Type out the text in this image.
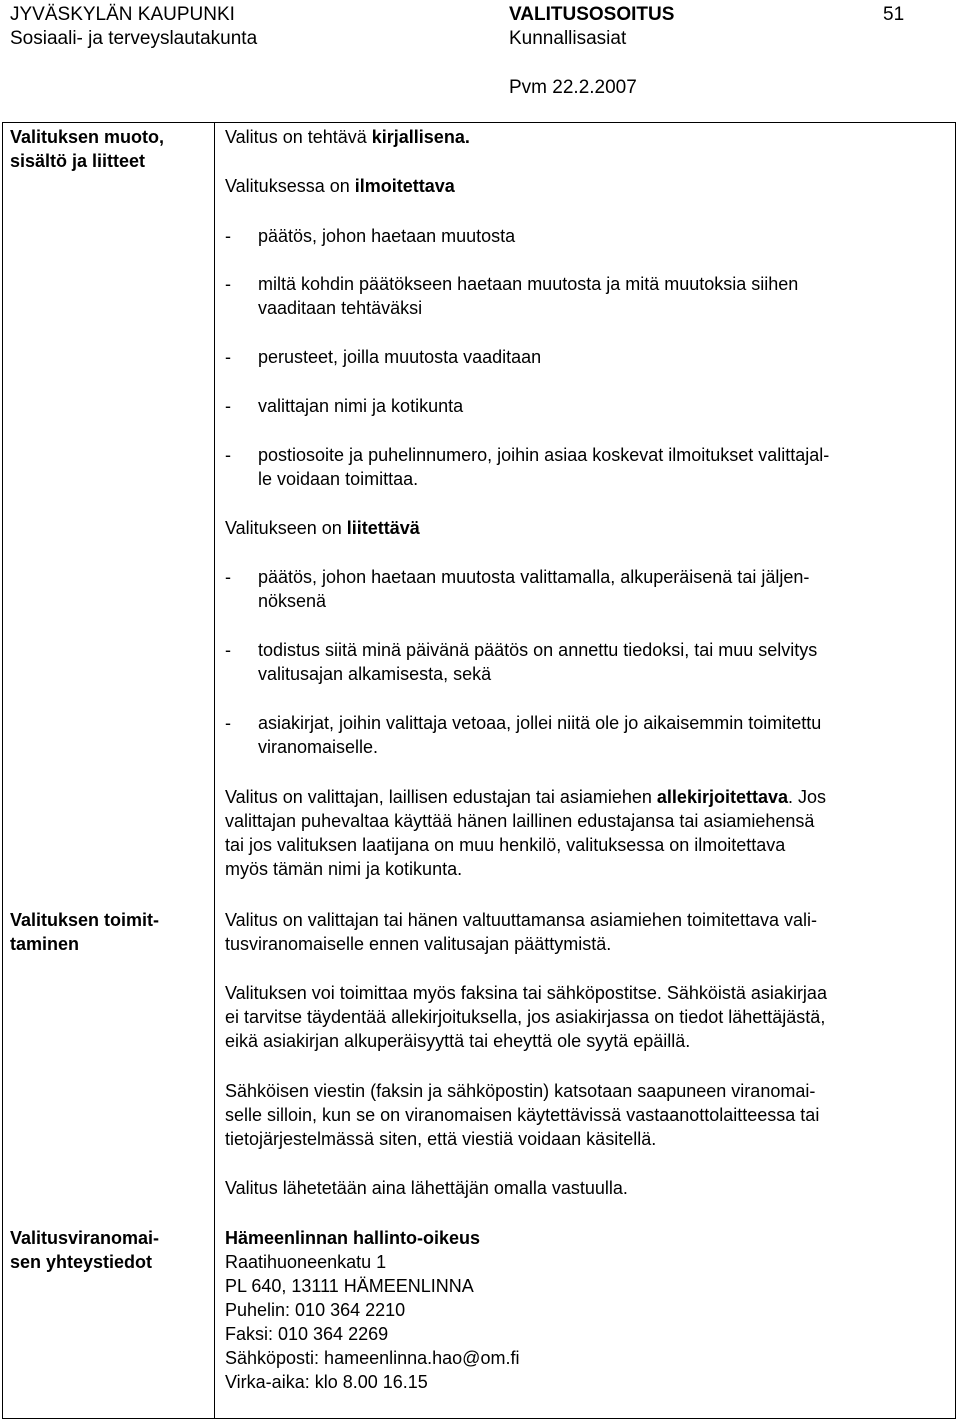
JYVÄSKYLÄN KAUPUNKI
Sosiaali- ja terveyslautakunta
VALITUSOSOITUS
Kunnallisasiat
51
Pvm 22.2.2007
Valituksen muoto,
sisältö ja liitteet
Valitus on tehtävä kirjallisena.
Valituksessa on ilmoitettava
- päätös, johon haetaan muutosta
- miltä kohdin päätökseen haetaan muutosta ja mitä muutoksia siihen
vaaditaan tehtäväksi
- perusteet, joilla muutosta vaaditaan
- valittajan nimi ja kotikunta
- postiosoite ja puhelinnumero, joihin asiaa koskevat ilmoitukset valittajal-
le voidaan toimittaa.
Valitukseen on liitettävä
- päätös, johon haetaan muutosta valittamalla, alkuperäisenä tai jäljen-
nöksenä
- todistus siitä minä päivänä päätös on annettu tiedoksi, tai muu selvitys
valitusajan alkamisesta, sekä
- asiakirjat, joihin valittaja vetoaa, jollei niitä ole jo aikaisemmin toimitettu
viranomaiselle.
Valitus on valittajan, laillisen edustajan tai asiamiehen allekirjoitettava. Jos
valittajan puhevaltaa käyttää hänen laillinen edustajansa tai asiamiehensä
tai jos valituksen laatijana on muu henkilö, valituksessa on ilmoitettava
myös tämän nimi ja kotikunta.
Valituksen toimit-
taminen
Valitus on valittajan tai hänen valtuuttamansa asiamiehen toimitettava vali-
tusviranomaiselle ennen valitusajan päättymistä.
Valituksen voi toimittaa myös faksina tai sähköpostitse. Sähköistä asiakirjaa
ei tarvitse täydentää allekirjoituksella, jos asiakirjassa on tiedot lähettäjästä,
eikä asiakirjan alkuperäisyyttä tai eheyttä ole syytä epäillä.
Sähköisen viestin (faksin ja sähköpostin) katsotaan saapuneen viranomai-
selle silloin, kun se on viranomaisen käytettävissä vastaanottolaitteessa tai
tietojärjestelmässä siten, että viestiä voidaan käsitellä.
Valitus lähetetään aina lähettäjän omalla vastuulla.
Valitusviranomai-
sen yhteystiedot
Hämeenlinnan hallinto-oikeus
Raatihuoneenkatu 1
PL 640, 13111 HÄMEENLINNA
Puhelin: 010 364 2210
Faksi: 010 364 2269
Sähköposti: hameenlinna.hao@om.fi
Virka-aika: klo 8.00 16.15
